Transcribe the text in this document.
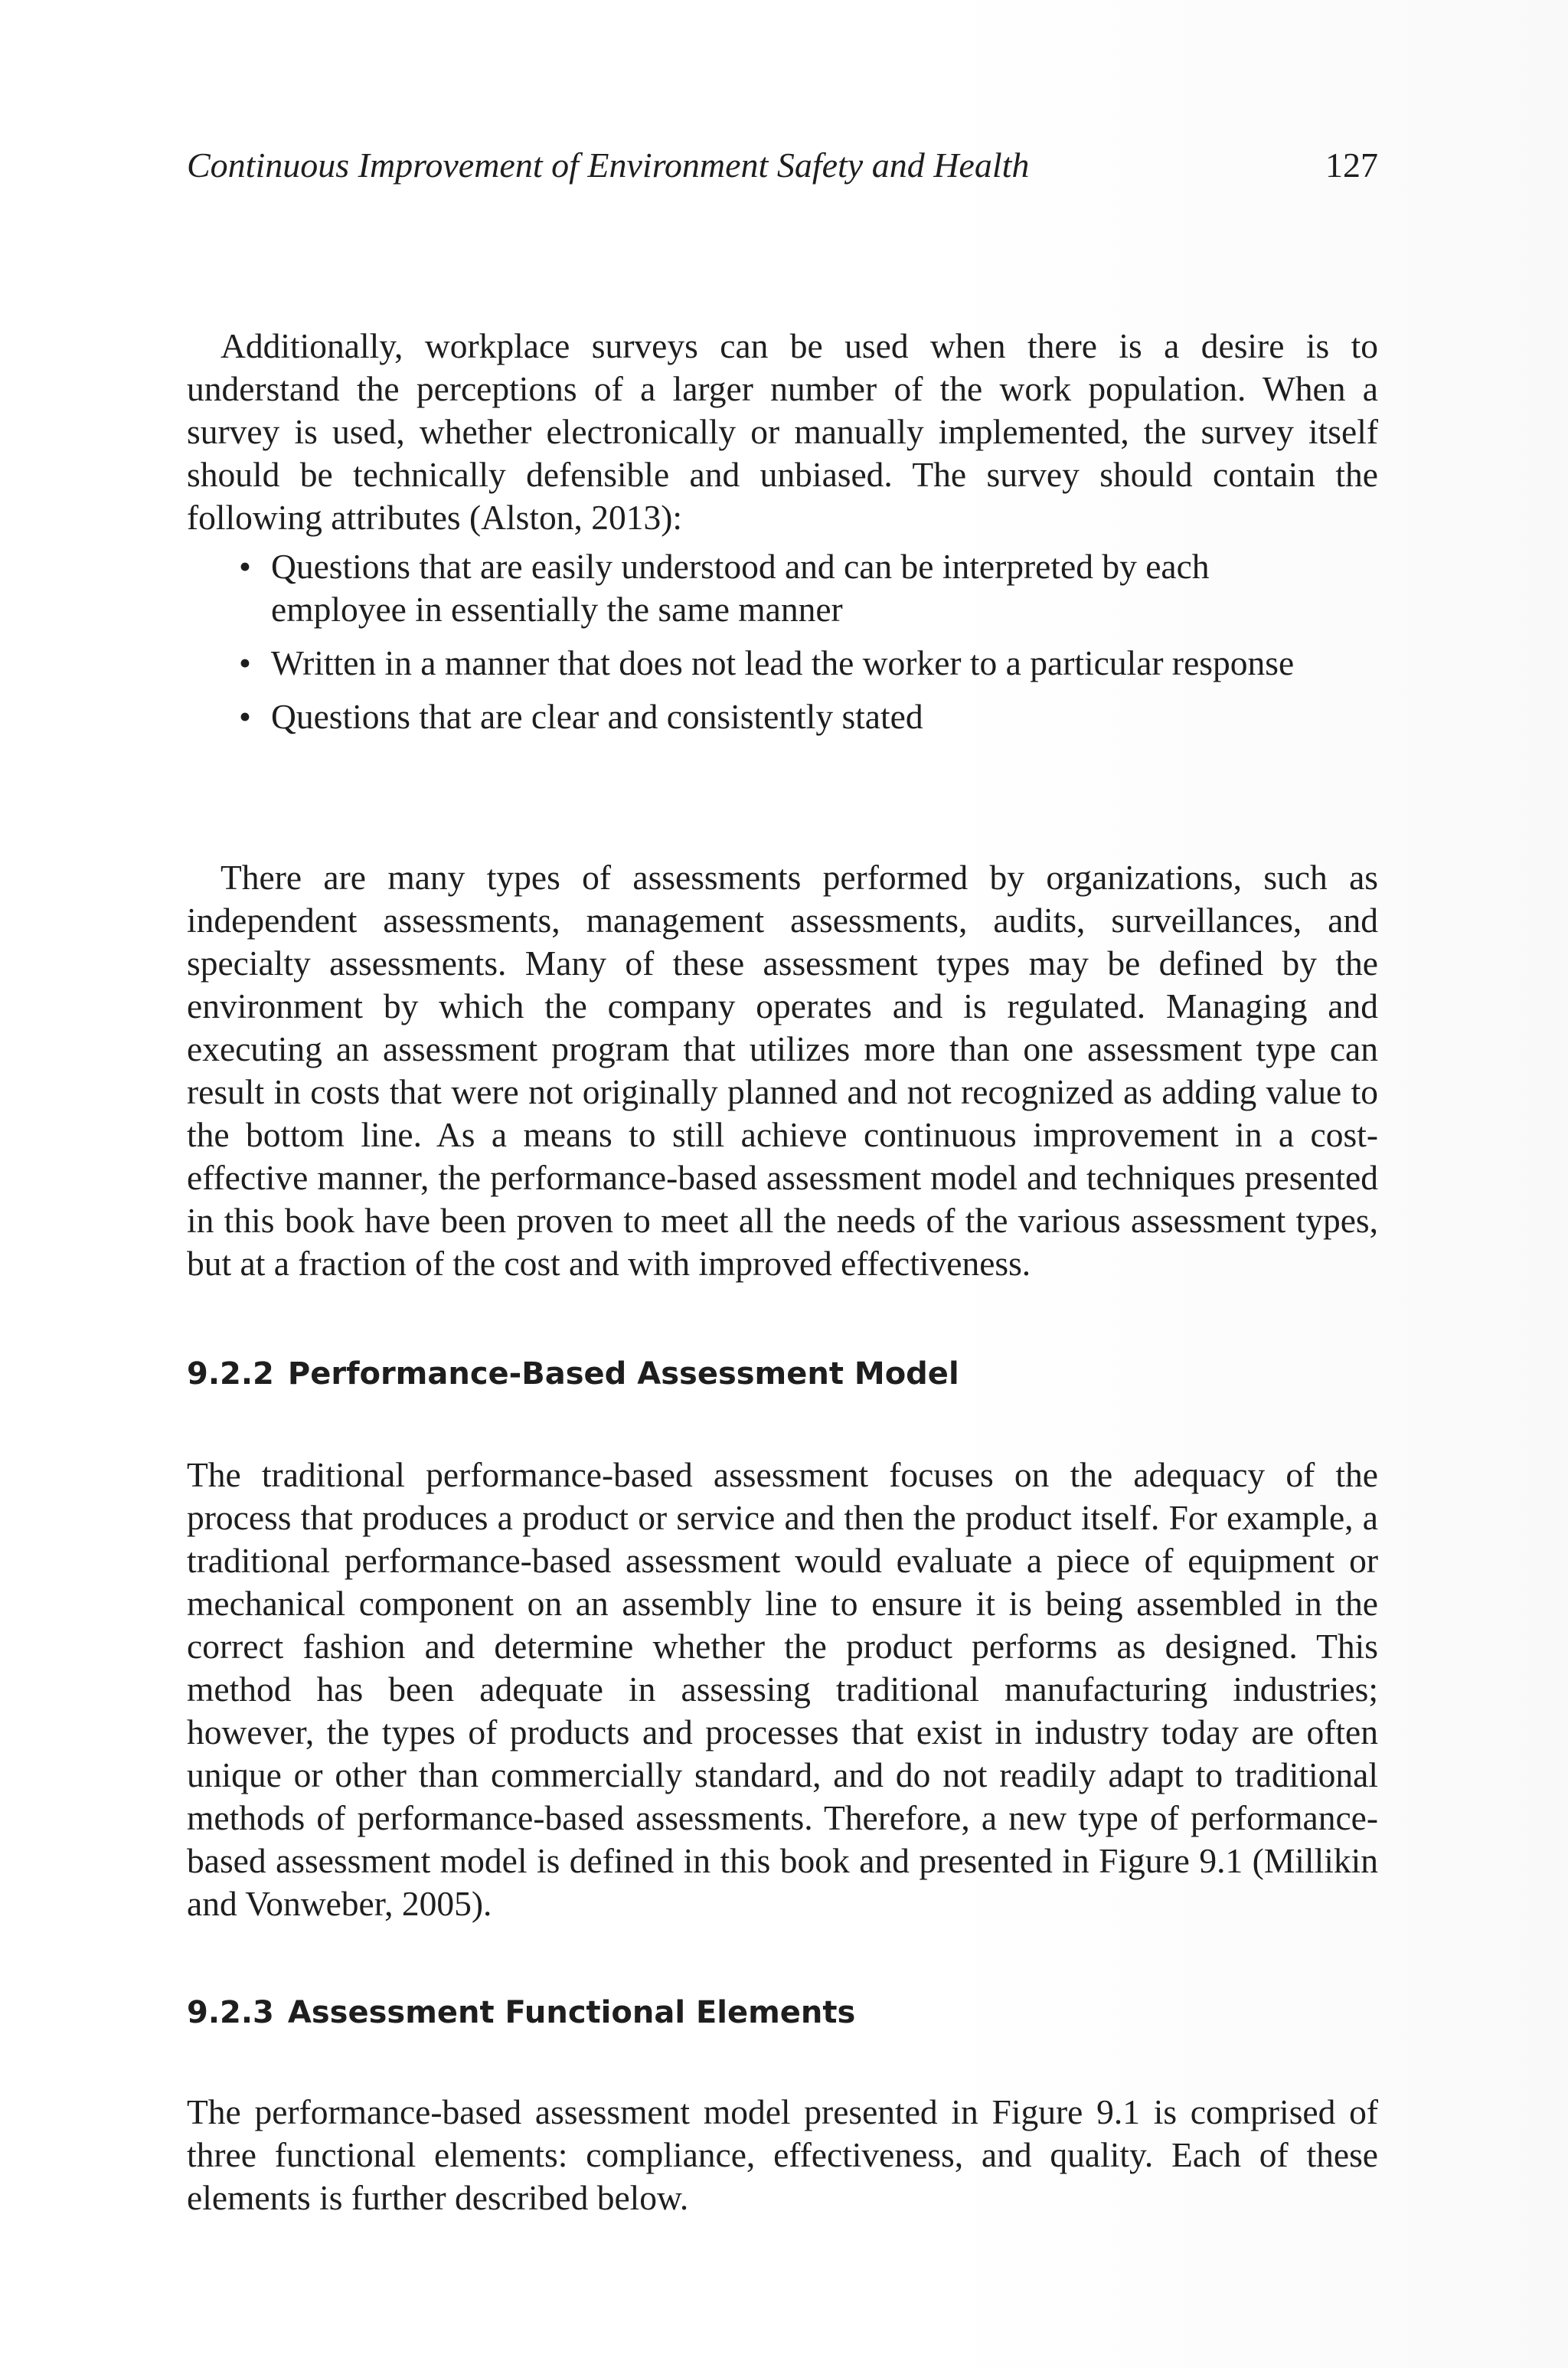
Continuous Improvement of Environment Safety and Health	127

Additionally, workplace surveys can be used when there is a desire is to understand the perceptions of a larger number of the work population. When a survey is used, whether electronically or manually implemented, the survey itself should be technically defensible and unbiased. The survey should contain the following attributes (Alston, 2013):

• Questions that are easily understood and can be interpreted by each employee in essentially the same manner
• Written in a manner that does not lead the worker to a particular response
• Questions that are clear and consistently stated

There are many types of assessments performed by organizations, such as independent assessments, management assessments, audits, surveillances, and specialty assessments. Many of these assessment types may be defined by the environment by which the company operates and is regulated. Managing and executing an assessment program that utilizes more than one assessment type can result in costs that were not originally planned and not recognized as adding value to the bottom line. As a means to still achieve continuous improvement in a cost-effective manner, the performance-based assessment model and techniques presented in this book have been proven to meet all the needs of the various assessment types, but at a fraction of the cost and with improved effectiveness.

9.2.2 Performance-Based Assessment Model

The traditional performance-based assessment focuses on the adequacy of the process that produces a product or service and then the product itself. For example, a traditional performance-based assessment would evaluate a piece of equipment or mechanical component on an assembly line to ensure it is being assembled in the correct fashion and determine whether the product performs as designed. This method has been adequate in assessing traditional manufacturing industries; however, the types of products and processes that exist in industry today are often unique or other than commercially standard, and do not readily adapt to traditional methods of performance-based assessments. Therefore, a new type of performance-based assessment model is defined in this book and presented in Figure 9.1 (Millikin and Vonweber, 2005).

9.2.3 Assessment Functional Elements

The performance-based assessment model presented in Figure 9.1 is comprised of three functional elements: compliance, effectiveness, and quality. Each of these elements is further described below.
